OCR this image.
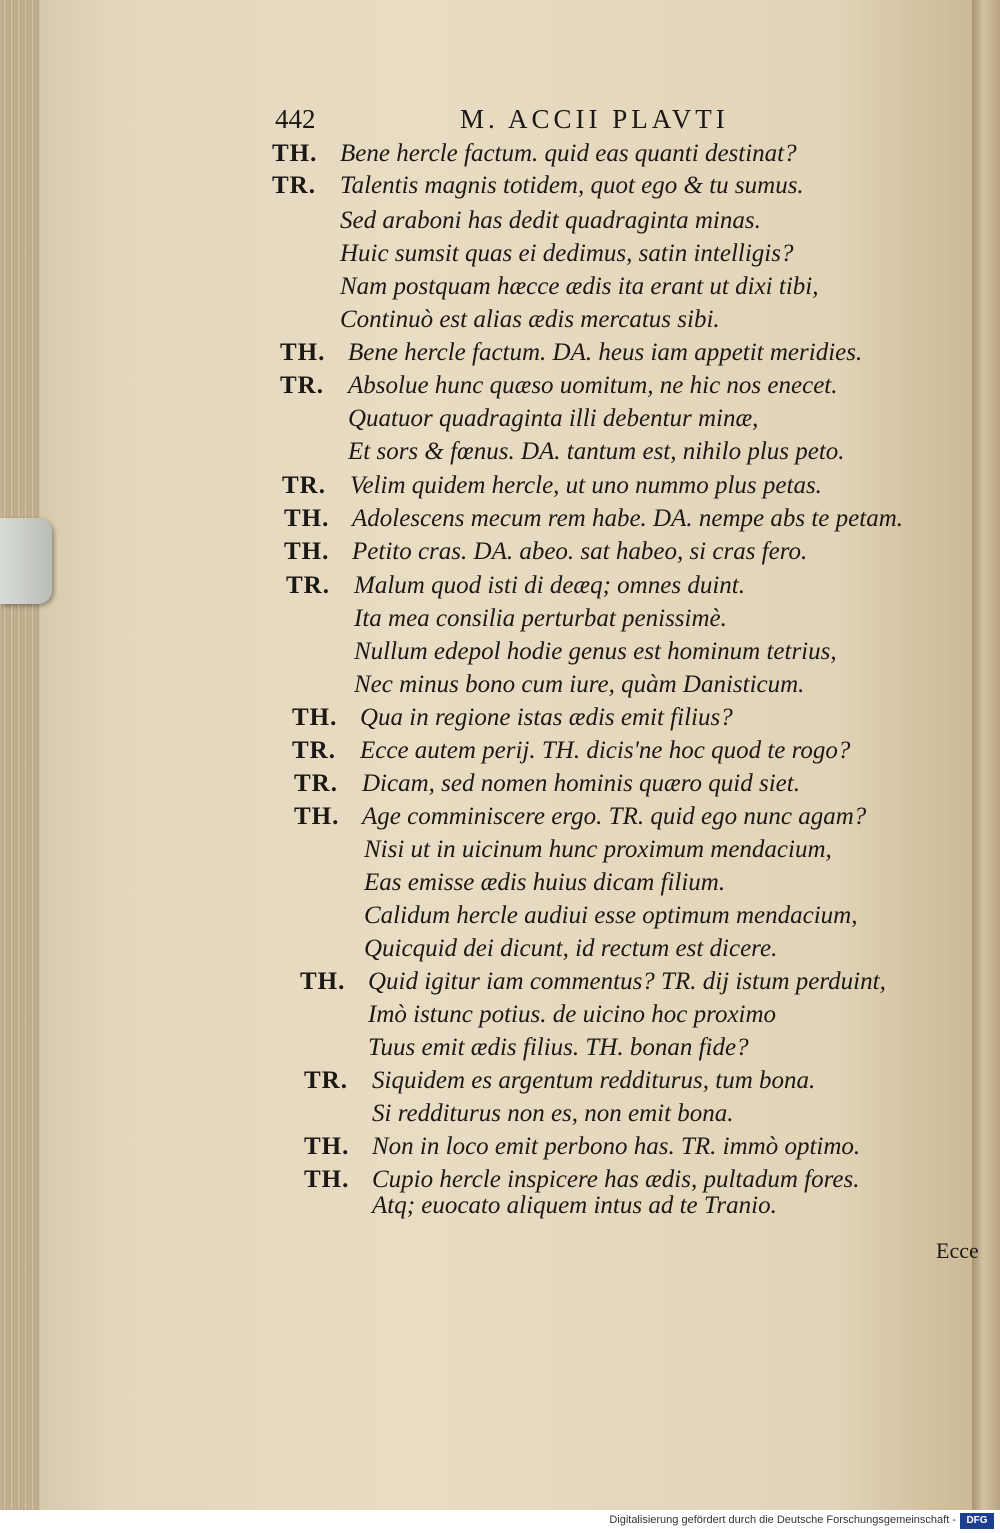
442	M. ACCII PLAVTI
TH. Bene hercle factum. quid eas quanti destinat?
TR. Talentis magnis totidem, quot ego & tu sumus.
Sed araboni has dedit quadraginta minas.
Huic sumsit quas ei dedimus, satin intelligis?
Nam postquam hæcce ædis ita erant ut dixi tibi,
Continuò est alias ædis mercatus sibi.
TH. Bene hercle factum. DA. heus iam appetit meridies.
TR. Absolue hunc quæso uomitum, ne hic nos enecet.
Quatuor quadraginta illi debentur minæ,
Et sors & fœnus. DA. tantum est, nihilo plus peto.
TR. Velim quidem hercle, ut uno nummo plus petas.
TH. Adolescens mecum rem habe. DA. nempe abs te petam.
TH. Petito cras. DA. abeo. sat habeo, si cras fero.
TR. Malum quod isti di deæq; omnes duint.
Ita mea consilia perturbat penissimè.
Nullum edepol hodie genus est hominum tetrius,
Nec minus bono cum iure, quàm Danisticum.
TH. Qua in regione istas ædis emit filius?
TR. Ecce autem perij. TH. dicis'ne hoc quod te rogo?
TR. Dicam, sed nomen hominis quæro quid siet.
TH. Age comminiscere ergo. TR. quid ego nunc agam?
Nisi ut in uicinum hunc proximum mendacium,
Eas emisse ædis huius dicam filium.
Calidum hercle audiui esse optimum mendacium,
Quicquid dei dicunt, id rectum est dicere.
TH. Quid igitur iam commentus? TR. dij istum perduint,
Imò istunc potius. de uicino hoc proximo
Tuus emit ædis filius. TH. bonan fide?
TR. Siquidem es argentum redditurus, tum bona.
Si redditurus non es, non emit bona.
TH. Non in loco emit perbono has. TR. immò optimo.
TH. Cupio hercle inspicere has ædis, pultadum fores.
Atq; euocato aliquem intus ad te Tranio.
Ecce
Digitalisierung gefördert durch die Deutsche Forschungsgemeinschaft -	DFG
